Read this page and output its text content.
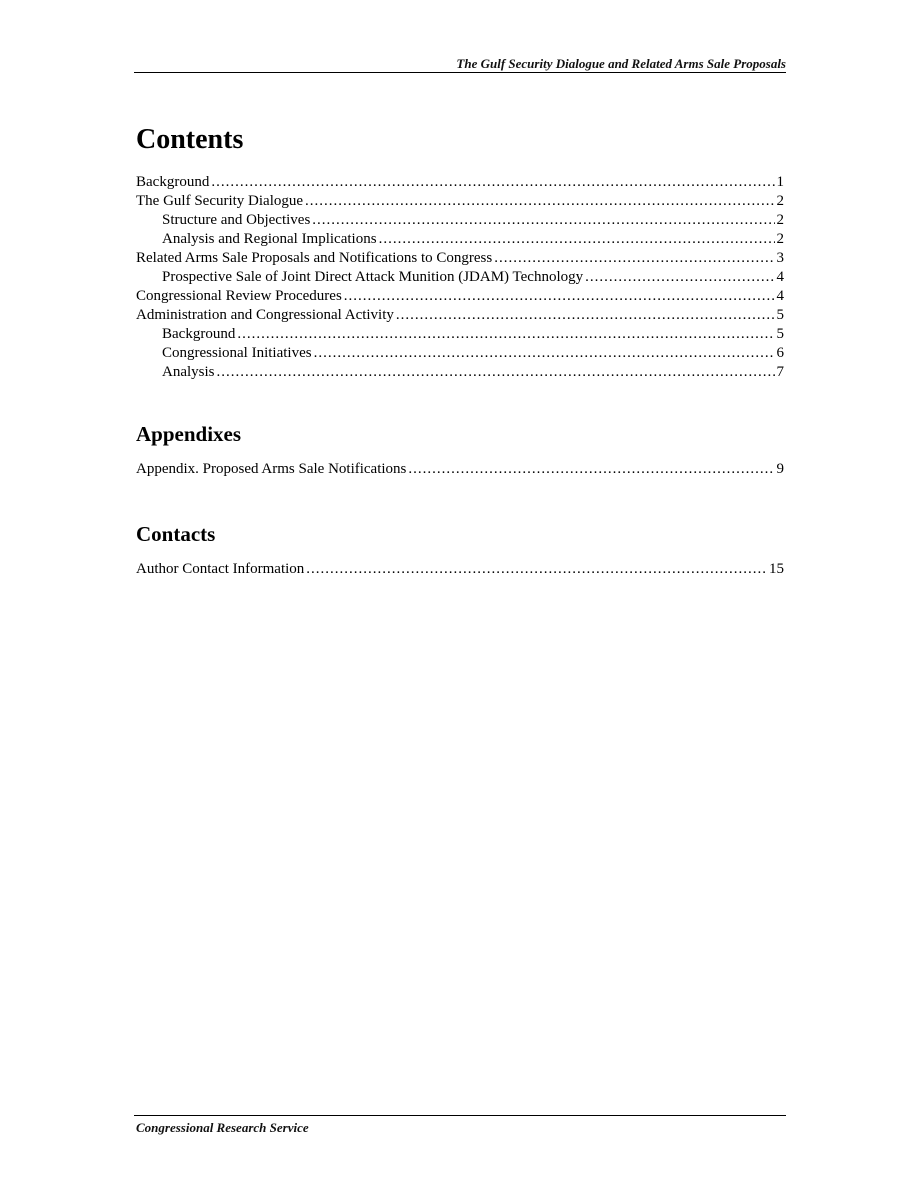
The Gulf Security Dialogue and Related Arms Sale Proposals
Contents
Background .....	1
The Gulf Security Dialogue .....	2
Structure and Objectives .....	2
Analysis and Regional Implications .....	2
Related Arms Sale Proposals and Notifications to Congress .....	3
Prospective Sale of Joint Direct Attack Munition (JDAM) Technology .....	4
Congressional Review Procedures .....	4
Administration and Congressional Activity .....	5
Background .....	5
Congressional Initiatives .....	6
Analysis .....	7
Appendixes
Appendix. Proposed Arms Sale Notifications .....	9
Contacts
Author Contact Information .....	15
Congressional Research Service
